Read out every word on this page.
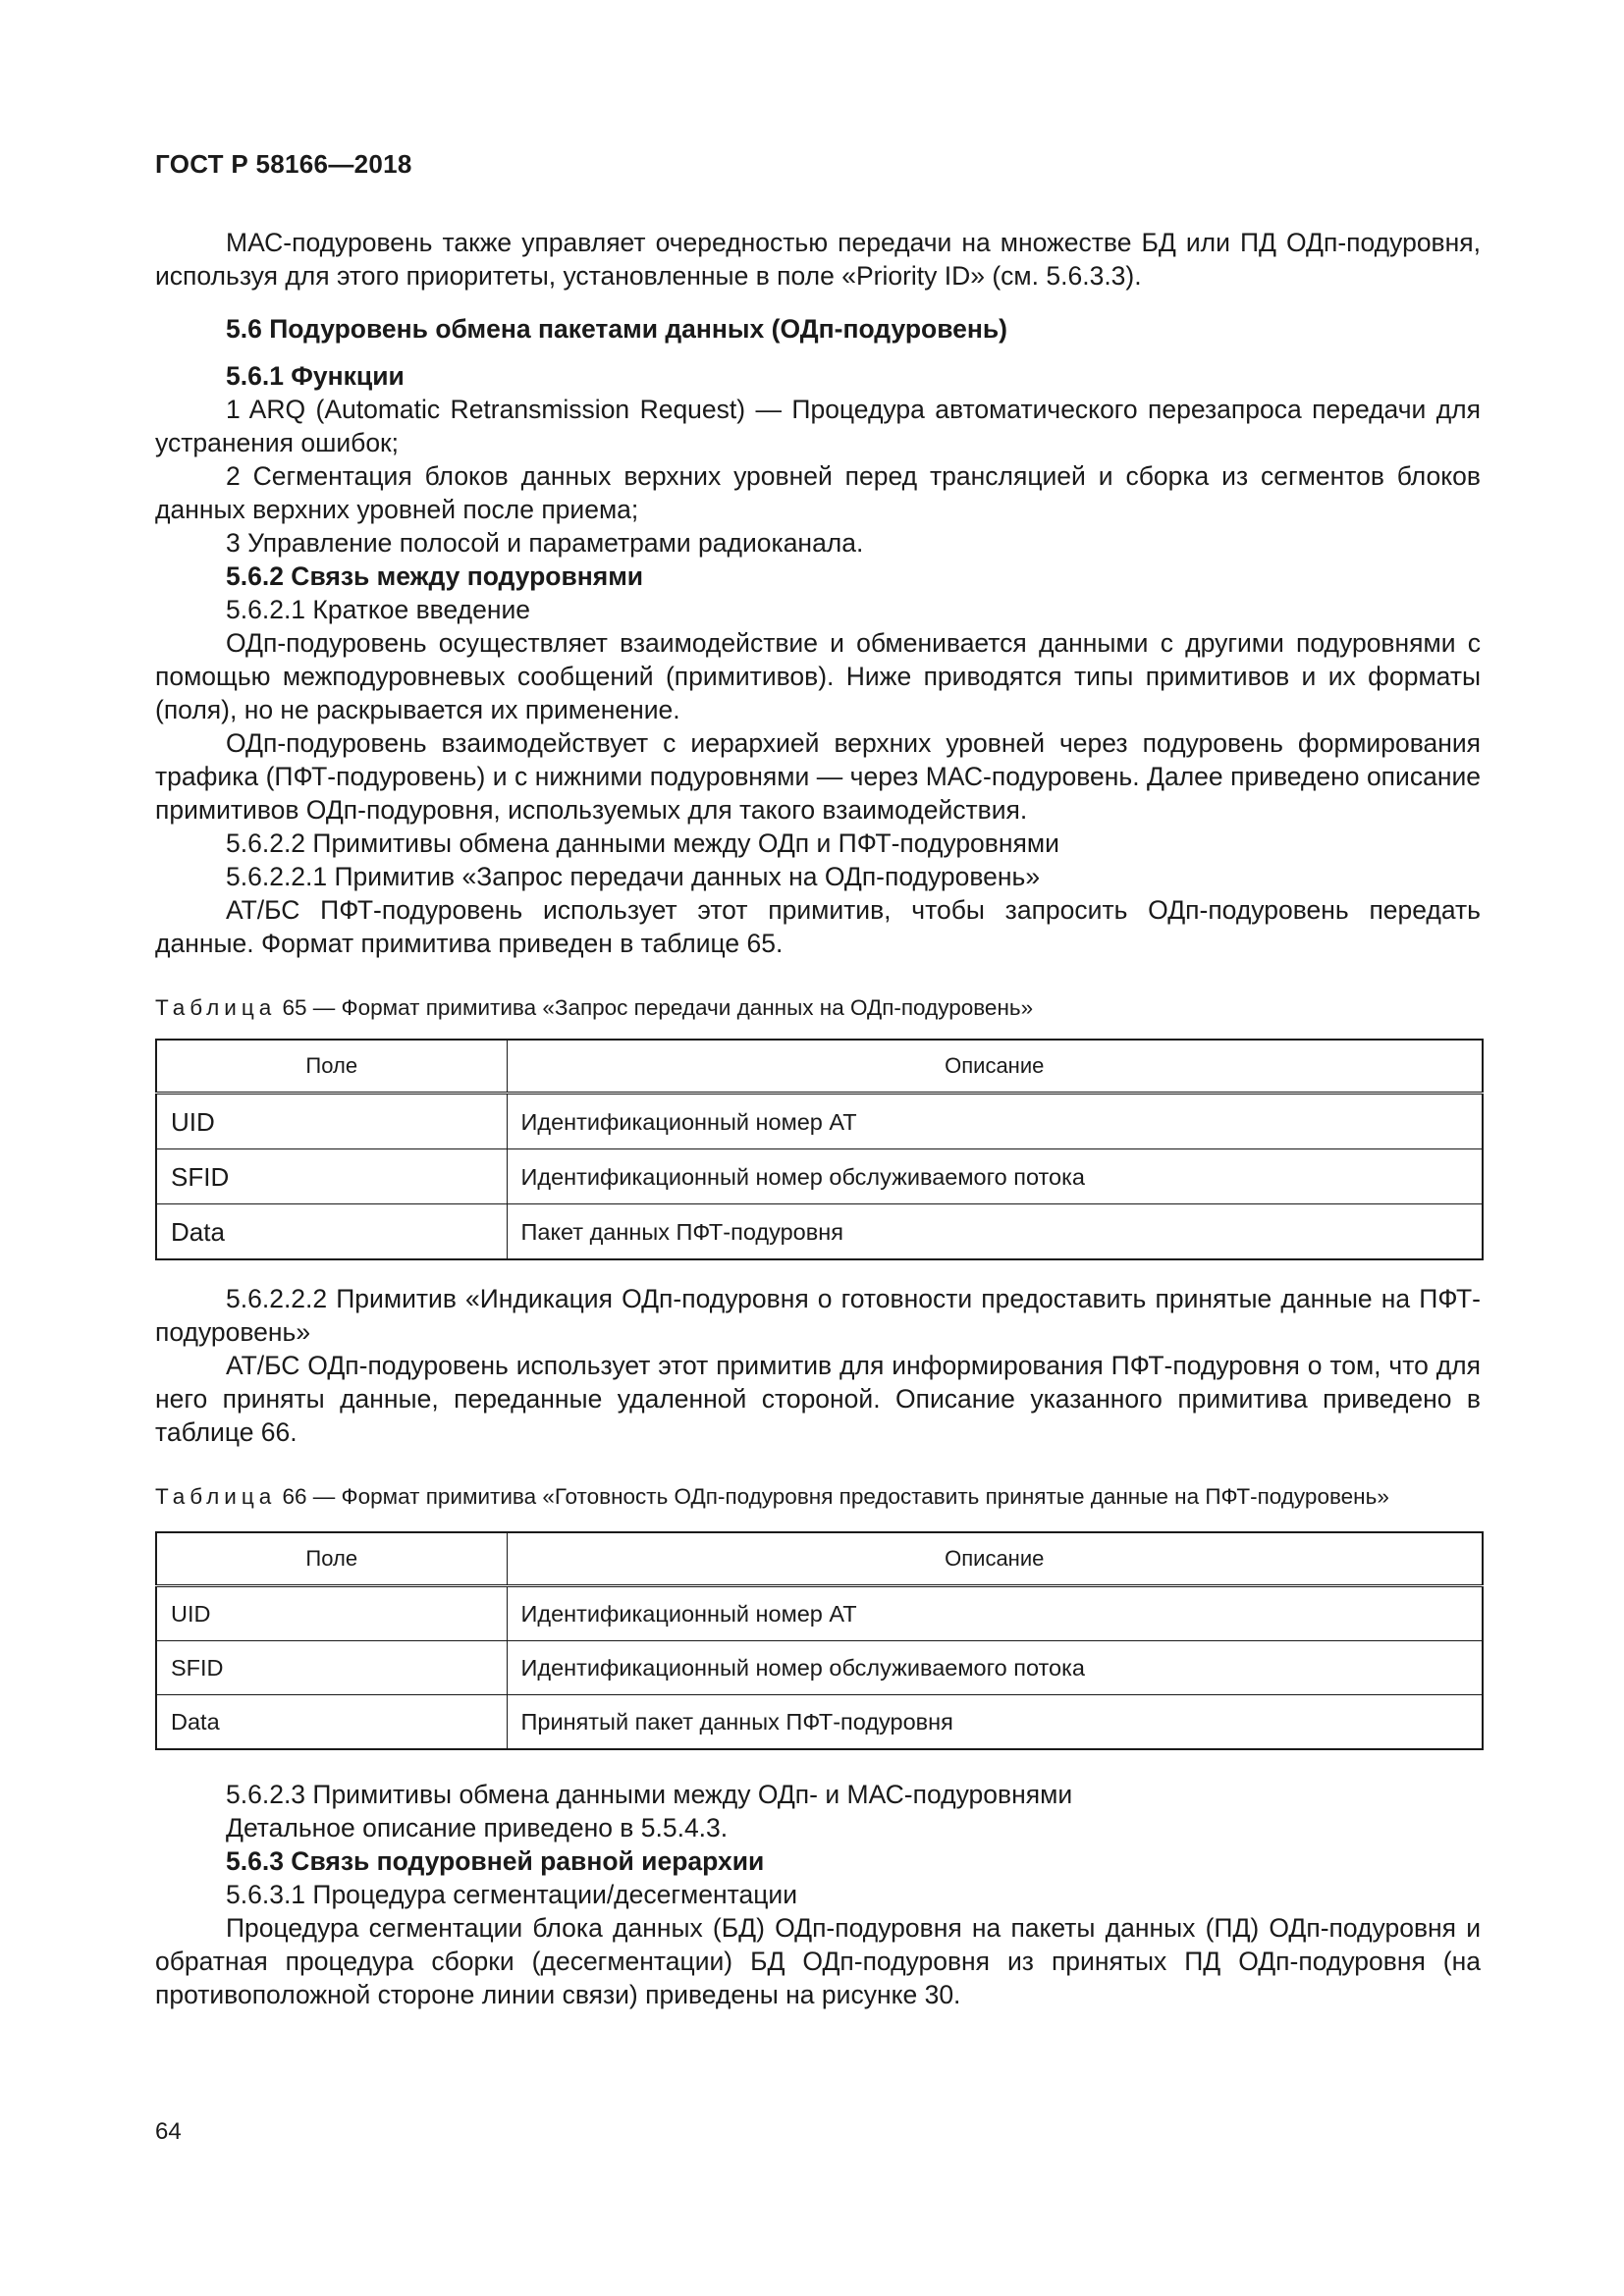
ГОСТ Р 58166—2018

МАС-подуровень также управляет очередностью передачи на множестве БД или ПД ОДп-подуровня, используя для этого приоритеты, установленные в поле «Priority ID» (см. 5.6.3.3).

5.6 Подуровень обмена пакетами данных (ОДп-подуровень)

5.6.1 Функции

1 ARQ (Automatic Retransmission Request) — Процедура автоматического перезапроса передачи для устранения ошибок;

2 Сегментация блоков данных верхних уровней перед трансляцией и сборка из сегментов блоков данных верхних уровней после приема;

3 Управление полосой и параметрами радиоканала.

5.6.2 Связь между подуровнями

5.6.2.1 Краткое введение

ОДп-подуровень осуществляет взаимодействие и обменивается данными с другими подуровнями с помощью межподуровневых сообщений (примитивов). Ниже приводятся типы примитивов и их форматы (поля), но не раскрывается их применение.

ОДп-подуровень взаимодействует с иерархией верхних уровней через подуровень формирования трафика (ПФТ-подуровень) и с нижними подуровнями — через МАС-подуровень. Далее приведено описание примитивов ОДп-подуровня, используемых для такого взаимодействия.

5.6.2.2 Примитивы обмена данными между ОДп и ПФТ-подуровнями

5.6.2.2.1 Примитив «Запрос передачи данных на ОДп-подуровень»

АТ/БС ПФТ-подуровень использует этот примитив, чтобы запросить ОДп-подуровень передать данные. Формат примитива приведен в таблице 65.

Таблица 65 — Формат примитива «Запрос передачи данных на ОДп-подуровень»

Поле	Описание
UID	Идентификационный номер АТ
SFID	Идентификационный номер обслуживаемого потока
Data	Пакет данных ПФТ-подуровня

5.6.2.2.2 Примитив «Индикация ОДп-подуровня о готовности предоставить принятые данные на ПФТ-подуровень»

АТ/БС ОДп-подуровень использует этот примитив для информирования ПФТ-подуровня о том, что для него приняты данные, переданные удаленной стороной. Описание указанного примитива приведено в таблице 66.

Таблица 66 — Формат примитива «Готовность ОДп-подуровня предоставить принятые данные на ПФТ-подуровень»

Поле	Описание
UID	Идентификационный номер АТ
SFID	Идентификационный номер обслуживаемого потока
Data	Принятый пакет данных ПФТ-подуровня

5.6.2.3 Примитивы обмена данными между ОДп- и МАС-подуровнями

Детальное описание приведено в 5.5.4.3.

5.6.3 Связь подуровней равной иерархии

5.6.3.1 Процедура сегментации/десегментации

Процедура сегментации блока данных (БД) ОДп-подуровня на пакеты данных (ПД) ОДп-подуровня и обратная процедура сборки (десегментации) БД ОДп-подуровня из принятых ПД ОДп-подуровня (на противоположной стороне линии связи) приведены на рисунке 30.

64
